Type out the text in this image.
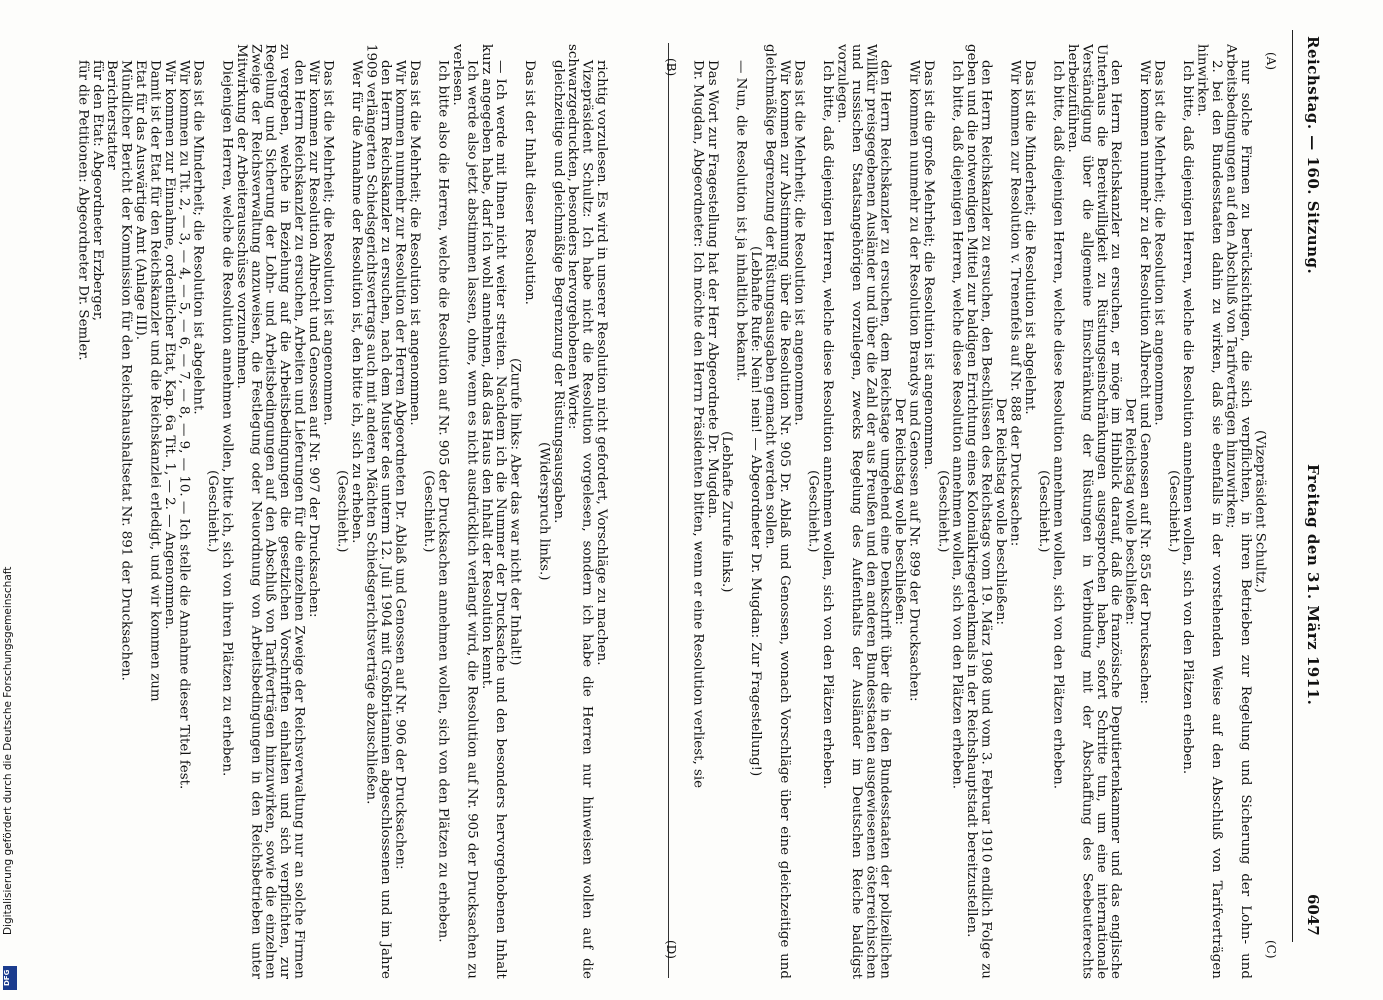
Reichstag. — 160. Sitzung.
Freitag den 31. März 1911.
6047
(A)
(B)
(C)
(D)

(Vizepräsident Schultz.)

nur solche Firmen zu berücksichtigen, die sich verpflichten, in ihren Betrieben zur Regelung und Sicherung der Lohn- und Arbeitsbedingungen auf den Abschluß von Tarifverträgen hinzuwirken;

2. bei den Bundesstaaten dahin zu wirken, daß sie ebenfalls in der vorstehenden Weise auf den Abschluß von Tarifverträgen hinwirken.

Ich bitte, daß diejenigen Herren, welche die Resolution annehmen wollen, sich von den Plätzen erheben.

(Geschieht.)

Das ist die Mehrheit; die Resolution ist angenommen.

Wir kommen nunmehr zu der Resolution Albrecht und Genossen auf Nr. 855 der Drucksachen:

Der Reichstag wolle beschließen:

den Herrn Reichskanzler zu ersuchen, er möge im Hinblick darauf, daß die französische Deputiertenkammer und das englische Unterhaus die Bereitwilligkeit zu Rüstungseinschränkungen ausgesprochen haben, sofort Schritte tun, um eine internationale Verständigung über die allgemeine Einschränkung der Rüstungen in Verbindung mit der Abschaffung des Seebeuterechts herbeizuführen.

Ich bitte, daß diejenigen Herren, welche diese Resolution annehmen wollen, sich von den Plätzen erheben.

(Geschieht.)

Das ist die Minderheit; die Resolution ist abgelehnt.

Wir kommen zur Resolution v. Trenenfels auf Nr. 888 der Drucksachen:

Der Reichstag wolle beschließen:

den Herrn Reichskanzler zu ersuchen, den Beschlüssen des Reichstags vom 19. März 1908 und vom 3. Februar 1910 endlich Folge zu geben und die notwendigen Mittel zur baldigen Errichtung eines Kolonialkriegerdenkmals in der Reichshauptstadt bereitzustellen.

Ich bitte, daß diejenigen Herren, welche diese Resolution annehmen wollen, sich von den Plätzen erheben.

(Geschieht.)

Das ist die große Mehrheit; die Resolution ist angenommen.

Wir kommen nunmehr zu der Resolution Brandys und Genossen auf Nr. 899 der Drucksachen:

Der Reichstag wolle beschließen:

den Herrn Reichskanzler zu ersuchen, dem Reichstage umgehend eine Denkschrift über die in den Bundesstaaten der polizeilichen Willkür preisgegebenen Ausländer und über die Zahl der aus Preußen und den anderen Bundesstaaten ausgewiesenen österreichischen und russischen Staatsangehörigen vorzulegen, zwecks Regelung des Aufenthalts der Ausländer im Deutschen Reiche baldigst vorzulegen.

Ich bitte, daß diejenigen Herren, welche diese Resolution annehmen wollen, sich von den Plätzen erheben.

(Geschieht.)

Das ist die Mehrheit; die Resolution ist angenommen.

Wir kommen zur Abstimmung über die Resolution Nr. 905 Dr. Ablaß und Genossen, wonach Vorschläge über eine gleichzeitige und gleichmäßige Begrenzung der Rüstungsausgaben gemacht werden sollen.

(Lebhafte Rufe: Nein! nein! — Abgeordneter Dr. Mugdan: Zur Fragestellung!)

— Nun, die Resolution ist ja inhaltlich bekannt.

(Lebhafte Zurufe links.)

Das Wort zur Fragestellung hat der Herr Abgeordnete Dr. Mugdan.

Dr. Mugdan, Abgeordneter: Ich möchte den Herrn Präsidenten bitten, wenn er eine Resolution verliest, sie

richtig vorzulesen. Es wird in unserer Resolution nicht gefordert, Vorschläge zu machen.

Vizepräsident Schultz: Ich habe nicht die Resolution vorgelesen, sondern ich habe die Herren nur hinweisen wollen auf die schwarzgedruckten, besonders hervorgehobenen Worte:

gleichzeitige und gleichmäßige Begrenzung der Rüstungsausgaben.

(Widerspruch links.)

Das ist der Inhalt dieser Resolution.

(Zurufe links: Aber das war nicht der Inhalt!)

— Ich werde mit Ihnen nicht weiter streiten. Nachdem ich die Nummer der Drucksache und den besonders hervorgehobenen Inhalt kurz angegeben habe, darf ich wohl annehmen, daß das Haus den Inhalt der Resolution kennt.

Ich werde also jetzt abstimmen lassen, ohne, wenn es nicht ausdrücklich verlangt wird, die Resolution auf Nr. 905 der Drucksachen zu verlesen.

Ich bitte also die Herren, welche die Resolution auf Nr. 905 der Drucksachen annehmen wollen, sich von den Plätzen zu erheben.

(Geschieht.)

Das ist die Mehrheit; die Resolution ist angenommen.

Wir kommen nunmehr zur Resolution der Herren Abgeordneten Dr. Ablaß und Genossen auf Nr. 906 der Drucksachen:

den Herrn Reichskanzler zu ersuchen, nach dem Muster des unterm 12. Juli 1904 mit Großbritannien abgeschlossenen und im Jahre 1909 verlängerten Schiedsgerichtsvertrags auch mit anderen Mächten Schiedsgerichtsverträge abzuschließen.

Wer für die Annahme der Resolution ist, den bitte ich, sich zu erheben.

(Geschieht.)

Das ist die Mehrheit; die Resolution ist angenommen.

Wir kommen zur Resolution Albrecht und Genossen auf Nr. 907 der Drucksachen:

den Herrn Reichskanzler zu ersuchen, Arbeiten und Lieferungen für die einzelnen Zweige der Reichsverwaltung nur an solche Firmen zu vergeben, welche in Beziehung auf die Arbeitsbedingungen die gesetzlichen Vorschriften einhalten und sich verpflichten, zur Regelung und Sicherung der Lohn- und Arbeitsbedingungen auf den Abschluß von Tarifverträgen hinzuwirken, sowie die einzelnen Zweige der Reichsverwaltung anzuweisen, die Festlegung oder Neuordnung von Arbeitsbedingungen in den Reichsbetrieben unter Mitwirkung der Arbeiterausschüsse vorzunehmen.

Diejenigen Herren, welche die Resolution annehmen wollen, bitte ich, sich von ihren Plätzen zu erheben.

(Geschieht.)

Das ist die Minderheit; die Resolution ist abgelehnt.

Wir kommen zu Tit. 2, — 3, — 4, — 5, — 6, — 7, — 8, — 9, — 10. — Ich stelle die Annahme dieser Titel fest.

Wir kommen zur Einnahme, ordentlicher Etat, Kap. 6a Tit. 1, — 2. — Angenommen.

Damit ist der Etat für den Reichskanzler und die Reichskanzlei erledigt, und wir kommen zum

Etat für das Auswärtige Amt (Anlage III).

Mündlicher Bericht der Kommission für den Reichshaushaltsetat Nr. 891 der Drucksachen.

Berichterstatter

für den Etat: Abgeordneter Erzberger,

für die Petitionen: Abgeordneter Dr. Semler.

Digitalisierung gefördert durch die Deutsche Forschungsgemeinschaft
DFG
